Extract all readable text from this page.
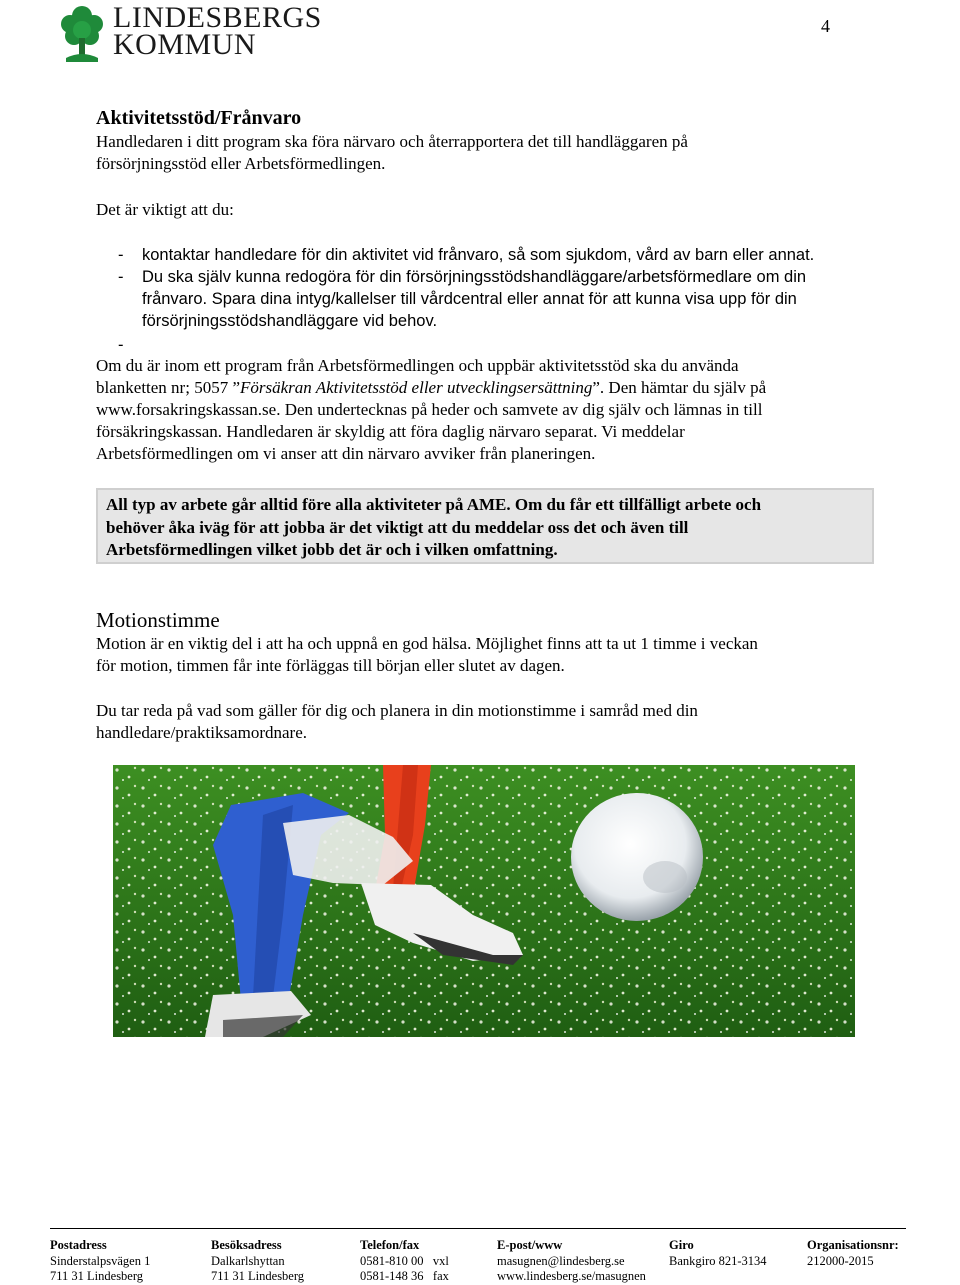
LINDESBERGS
KOMMUN
4
Aktivitetsstöd/Frånvaro
Handledaren i ditt program ska föra närvaro och återrapportera det till handläggaren på
försörjningsstöd eller Arbetsförmedlingen.
Det är viktigt att du:
- kontaktar handledare för din aktivitet vid frånvaro, så som sjukdom, vård av barn eller annat.
- Du ska själv kunna redogöra för din försörjningsstödshandläggare/arbetsförmedlare om din
frånvaro. Spara dina intyg/kallelser till vårdcentral eller annat för att kunna visa upp för din
försörjningsstödshandläggare vid behov.
-
Om du är inom ett program från Arbetsförmedlingen och uppbär aktivitetsstöd ska du använda
blanketten nr; 5057 ”Försäkran Aktivitetsstöd eller utvecklingsersättning”. Den hämtar du själv på
www.forsakringskassan.se. Den undertecknas på heder och samvete av dig själv och lämnas in till
försäkringskassan. Handledaren är skyldig att föra daglig närvaro separat. Vi meddelar
Arbetsförmedlingen om vi anser att din närvaro avviker från planeringen.
All typ av arbete går alltid före alla aktiviteter på AME. Om du får ett tillfälligt arbete och
behöver åka iväg för att jobba är det viktigt att du meddelar oss det och även till
Arbetsförmedlingen vilket jobb det är och i vilken omfattning.
Motionstimme
Motion är en viktig del i att ha och uppnå en god hälsa. Möjlighet finns att ta ut 1 timme i veckan
för motion, timmen får inte förläggas till början eller slutet av dagen.
Du tar reda på vad som gäller för dig och planera in din motionstimme i samråd med din
handledare/praktiksamordnare.
Postadress
Sinderstalpsvägen 1
711 31 Lindesberg
Besöksadress
Dalkarlshyttan
711 31 Lindesberg
Telefon/fax
0581-810 00   vxl
0581-148 36   fax
E-post/www
masugnen@lindesberg.se
www.lindesberg.se/masugnen
Giro
Bankgiro 821-3134
Organisationsnr:
212000-2015
